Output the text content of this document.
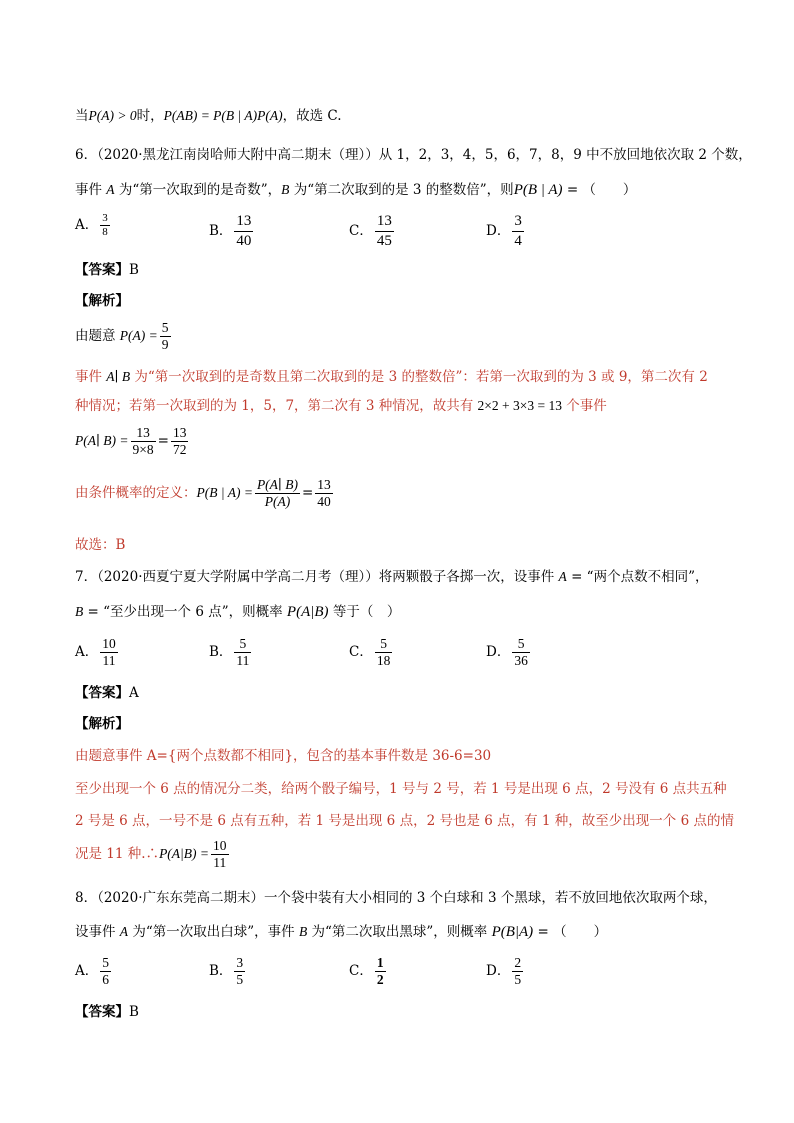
当P(A) > 0时，P(AB) = P(B | A)P(A)，故选 C.
6．（2020·黑龙江南岗哈师大附中高二期末（理））从 1，2，3，4，5，6，7，8，9 中不放回地依次取 2 个数，
事件 A 为“第一次取到的是奇数”，B 为“第二次取到的是 3 的整数倍”，则P(B | A) = （　　）
A． $\frac{3}{8}$	B． $\frac{13}{40}$	C． $\frac{13}{45}$	D． $\frac{3}{4}$
【答案】B
【解析】
由题意 $P(A) = \frac{5}{9}$
事件 A∣ B 为“第一次取到的是奇数且第二次取到的是 3 的整数倍”：若第一次取到的为 3 或 9，第二次有 2
种情况；若第一次取到的为 1，5，7，第二次有 3 种情况，故共有 2×2 + 3×3 = 13 个事件
P(A∣ $B) = \frac{13}{9\times 8} = \frac{13}{72}$
由条件概率的定义：P(B | $A) = \frac{P(A∣ B)}{P(A)} = \frac{13}{40}$
故选：B
7．（2020·西夏宁夏大学附属中学高二月考（理））将两颗骰子各掷一次，设事件 A = “两个点数不相同”，
B = “至少出现一个 6 点”，则概率 P(A|B) 等于（　）
A． $\frac{10}{11}$	B． $\frac{5}{11}$	C． $\frac{5}{18}$	D． $\frac{5}{36}$
【答案】A
【解析】
由题意事件 A={两个点数都不相同}，包含的基本事件数是 36-6=30
至少出现一个 6 点的情况分二类，给两个骰子编号，1 号与 2 号，若 1 号是出现 6 点，2 号没有 6 点共五种
2 号是 6 点，一号不是 6 点有五种，若 1 号是出现 6 点，2 号也是 6 点，有 1 种，故至少出现一个 6 点的情
况是 11 种.∴P(A|B) = $\frac{10}{11}$
8．（2020·广东东莞高二期末）一个袋中装有大小相同的 3 个白球和 3 个黑球，若不放回地依次取两个球，
设事件 A 为“第一次取出白球”，事件 B 为“第二次取出黑球”，则概率 P(B|A) = （　　）
A． $\frac{5}{6}$	B． $\frac{3}{5}$	C． $\frac{1}{2}$	D． $\frac{2}{5}$
【答案】B
